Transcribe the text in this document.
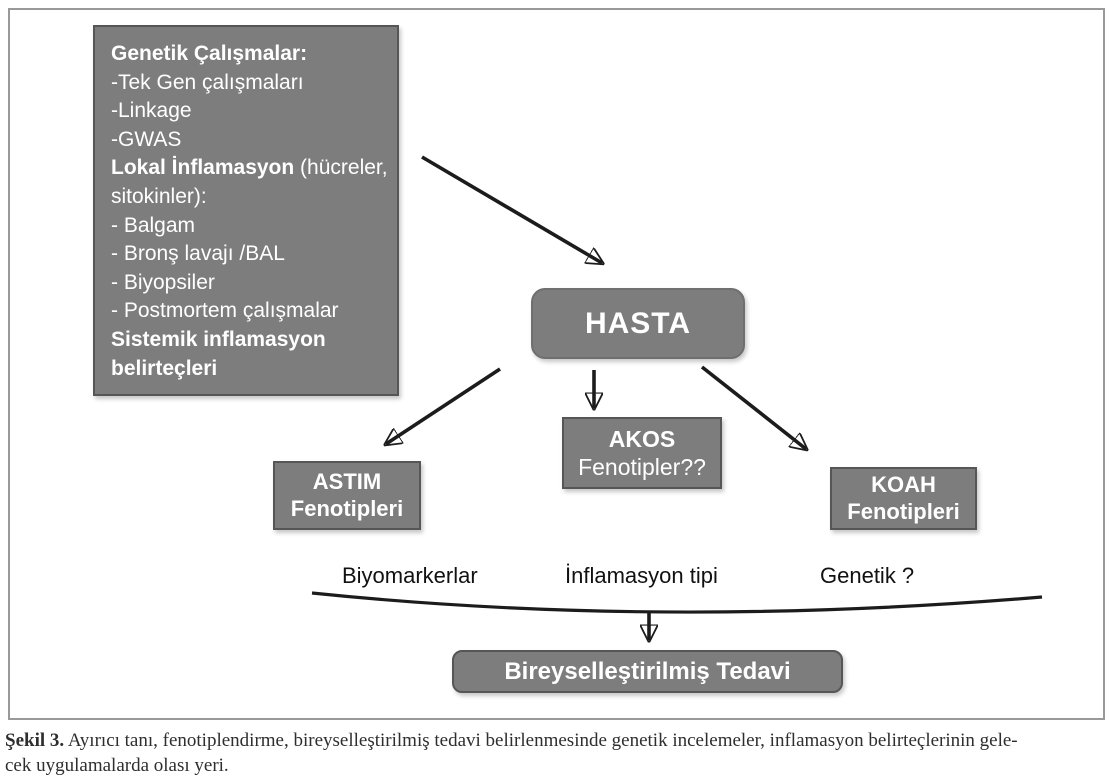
Genetik Çalışmalar:
-Tek Gen çalışmaları
-Linkage
-GWAS
Lokal İnflamasyon (hücreler,
sitokinler):
- Balgam
- Bronş lavajı /BAL
- Biyopsiler
- Postmortem çalışmalar
Sistemik inflamasyon
belirteçleri
HASTA
ASTIM
Fenotipleri
AKOS
Fenotipler??
KOAH
Fenotipleri
Biyomarkerlar	İnflamasyon tipi	Genetik ?
Bireyselleştirilmiş Tedavi
Şekil 3. Ayırıcı tanı, fenotiplendirme, bireyselleştirilmiş tedavi belirlenmesinde genetik incelemeler, inflamasyon belirteçlerinin gele-
cek uygulamalarda olası yeri.
